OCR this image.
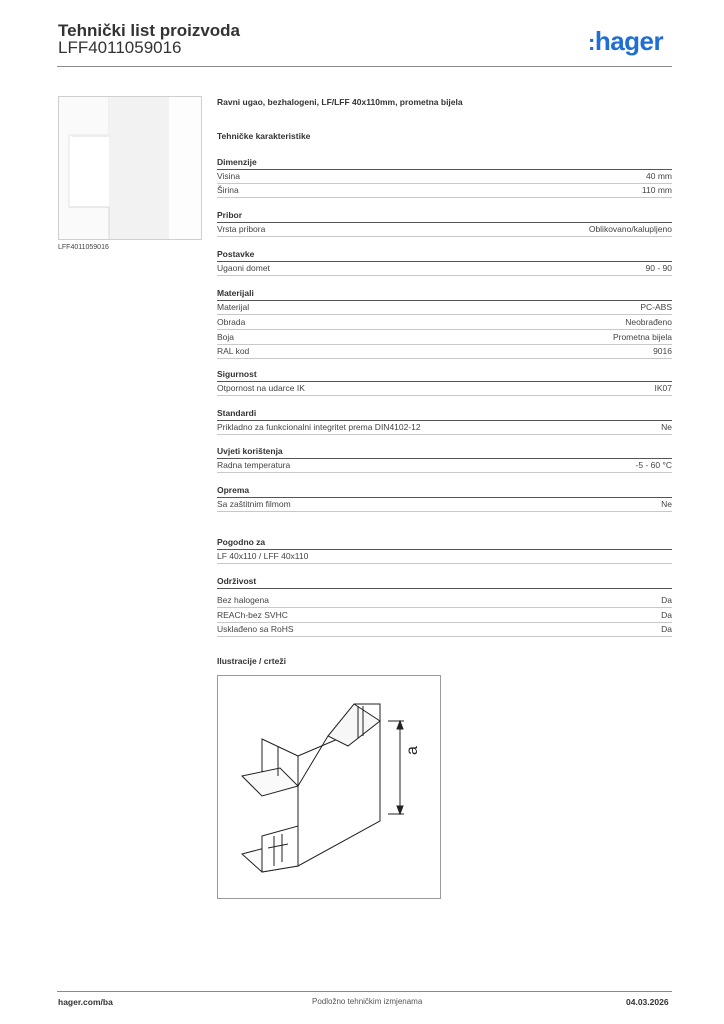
Tehnički list proizvoda
LFF4011059016	:hager
LFF4011059016
Ravni ugao, bezhalogeni, LF/LFF 40x110mm, prometna bijela
Tehničke karakteristike
Dimenzije
Visina	40 mm
Širina	110 mm
Pribor
Vrsta pribora	Oblikovano/kalupljeno
Postavke
Ugaoni domet	90 - 90
Materijali
Materijal	PC-ABS
Obrada	Neobrađeno
Boja	Prometna bijela
RAL kod	9016
Sigurnost
Otpornost na udarce IK	IK07
Standardi
Prikladno za funkcionalni integritet prema DIN4102-12	Ne
Uvjeti korištenja
Radna temperatura	-5 - 60 °C
Oprema
Sa zaštitnim filmom	Ne
Pogodno za
LF 40x110 / LFF 40x110
Održivost
Bez halogena	Da
REACh-bez SVHC	Da
Usklađeno sa RoHS	Da
Ilustracije / crteži
a
hager.com/ba	Podložno tehničkim izmjenama	04.03.2026
